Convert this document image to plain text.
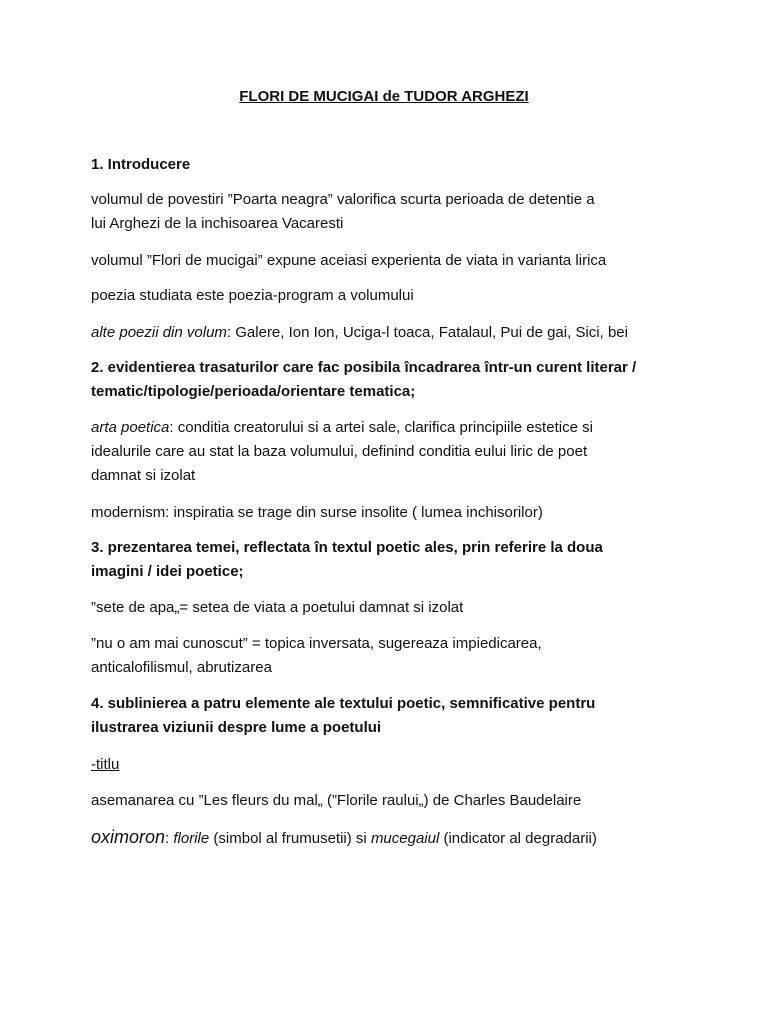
FLORI DE MUCIGAI de TUDOR ARGHEZI
1. Introducere
volumul de povestiri ”Poarta neagra” valorifica scurta perioada de detentie a
lui Arghezi de la inchisoarea Vacaresti
volumul ”Flori de mucigai” expune aceiasi experienta de viata in varianta lirica
poezia studiata este poezia-program a volumului
alte poezii din volum: Galere, Ion Ion, Uciga-l toaca, Fatalaul, Pui de gai, Sici, bei
2. evidentierea trasaturilor care fac posibila încadrarea într-un curent literar /
tematic/tipologie/perioada/orientare tematica;
arta poetica: conditia creatorului si a artei sale, clarifica principiile estetice si
idealurile care au stat la baza volumului, definind conditia eului liric de poet
damnat si izolat
modernism: inspiratia se trage din surse insolite ( lumea inchisorilor)
3. prezentarea temei, reflectata în textul poetic ales, prin referire la doua
imagini / idei poetice;
”sete de apa„= setea de viata a poetului damnat si izolat
”nu o am mai cunoscut” = topica inversata, sugereaza impiedicarea,
anticalofilismul, abrutizarea
4. sublinierea a patru elemente ale textului poetic, semnificative pentru
ilustrarea viziunii despre lume a poetului
-titlu
asemanarea cu ”Les fleurs du mal„ (”Florile raului„) de Charles Baudelaire
oximoron: florile (simbol al frumusetii) si mucegaiul (indicator al degradarii)
